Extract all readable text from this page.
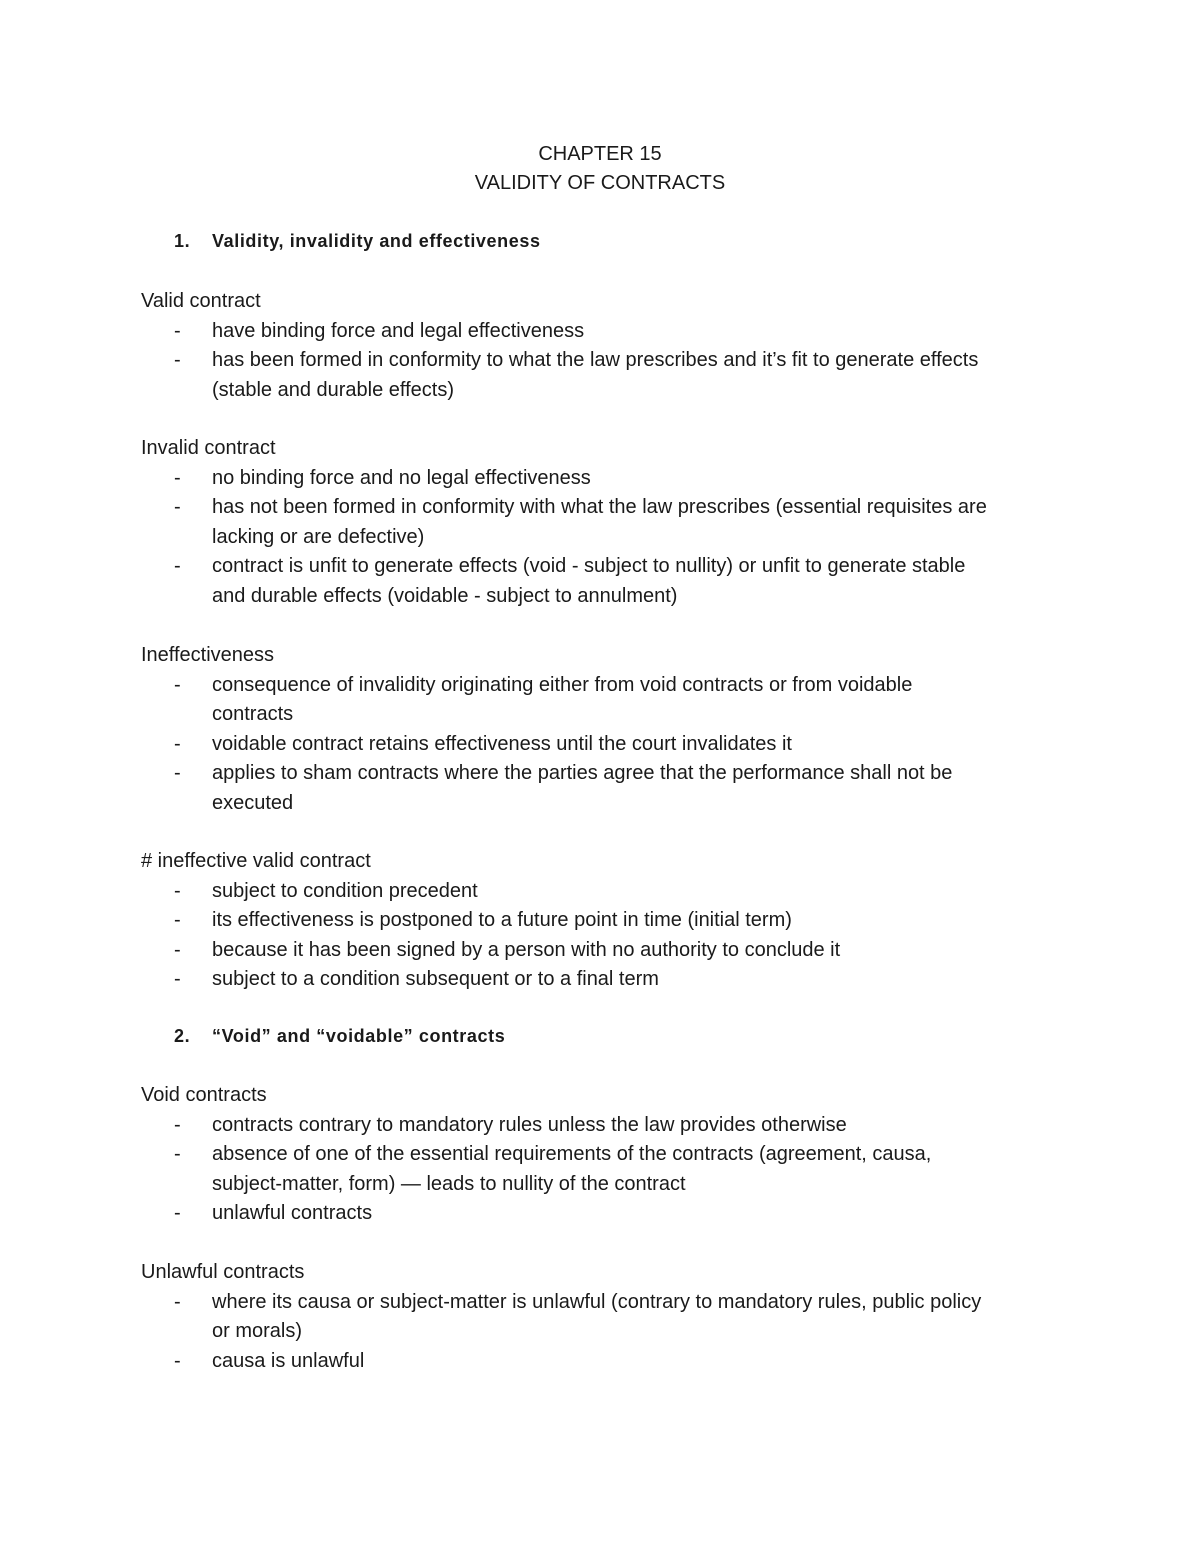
CHAPTER 15
VALIDITY OF CONTRACTS
1. Validity, invalidity and effectiveness
2. “Void” and “voidable” contracts
Valid contract
- have binding force and legal effectiveness
- has been formed in conformity to what the law prescribes and it’s fit to generate effects
(stable and durable effects)
Invalid contract
- no binding force and no legal effectiveness
- has not been formed in conformity with what the law prescribes (essential requisites are
lacking or are defective)
- contract is unfit to generate effects (void - subject to nullity) or unfit to generate stable
and durable effects (voidable - subject to annulment)
Ineffectiveness
- consequence of invalidity originating either from void contracts or from voidable
contracts
- voidable contract retains effectiveness until the court invalidates it
- applies to sham contracts where the parties agree that the performance shall not be
executed
# ineffective valid contract
- subject to condition precedent
- its effectiveness is postponed to a future point in time (initial term)
- because it has been signed by a person with no authority to conclude it
- subject to a condition subsequent or to a final term
Void contracts
- contracts contrary to mandatory rules unless the law provides otherwise
- absence of one of the essential requirements of the contracts (agreement, causa,
subject-matter, form) — leads to nullity of the contract
- unlawful contracts
Unlawful contracts
- where its causa or subject-matter is unlawful (contrary to mandatory rules, public policy
or morals)
- causa is unlawful
